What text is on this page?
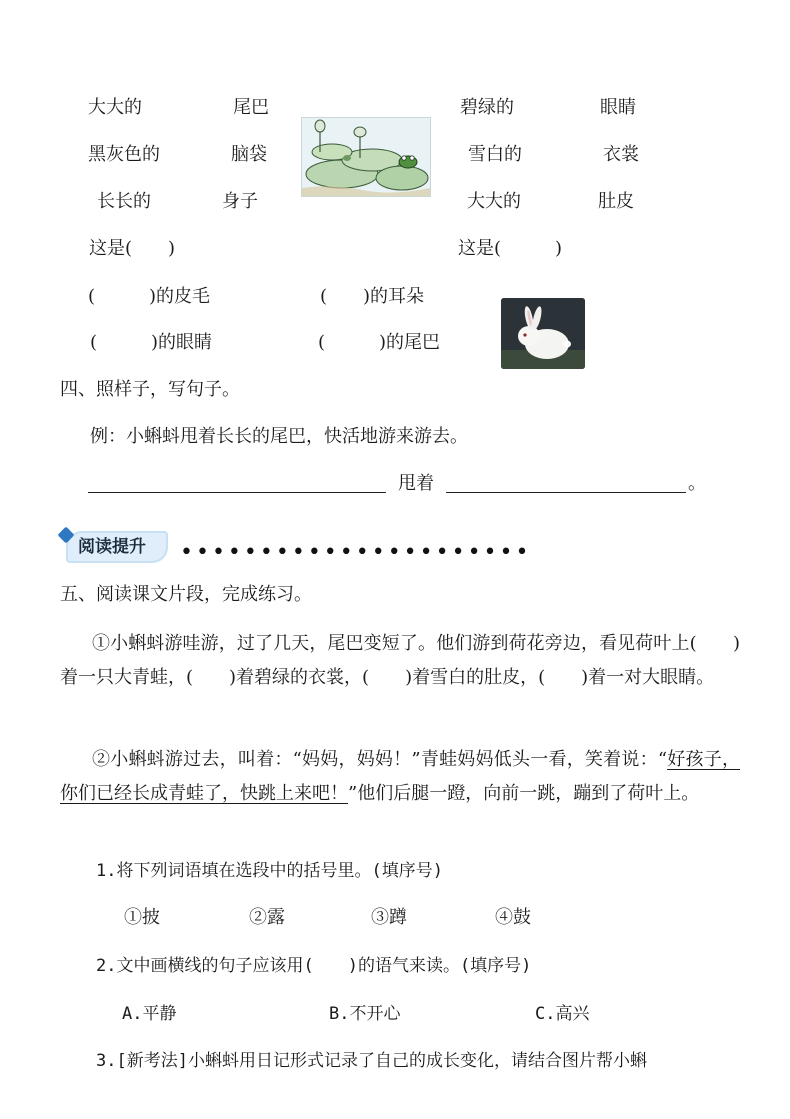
大大的	尾巴	碧绿的	眼睛
黑灰色的	脑袋	雪白的	衣裳
长长的	身子	大大的	肚皮
这是(　　)	这是(　　　)
(　　　)的皮毛	(　　)的耳朵
(　　　)的眼睛	(　　　)的尾巴
四、照样子，写句子。
例：小蝌蚪甩着长长的尾巴，快活地游来游去。
甩着	。
阅读提升 ••••••••••••••••••••••
五、阅读课文片段，完成练习。
①小蝌蚪游哇游，过了几天，尾巴变短了。他们游到荷花旁边，看见荷叶上(　　)着一只大青蛙，(　　)着碧绿的衣裳，(　　)着雪白的肚皮，(　　)着一对大眼睛。
②小蝌蚪游过去，叫着：“妈妈，妈妈！”青蛙妈妈低头一看，笑着说：“好孩子，你们已经长成青蛙了，快跳上来吧！”他们后腿一蹬，向前一跳，蹦到了荷叶上。
1.将下列词语填在选段中的括号里。(填序号)
①披	②露	③蹲	④鼓
2.文中画横线的句子应该用(　　)的语气来读。(填序号)
A.平静	B.不开心	C.高兴
3.[新考法]小蝌蚪用日记形式记录了自己的成长变化，请结合图片帮小蝌
